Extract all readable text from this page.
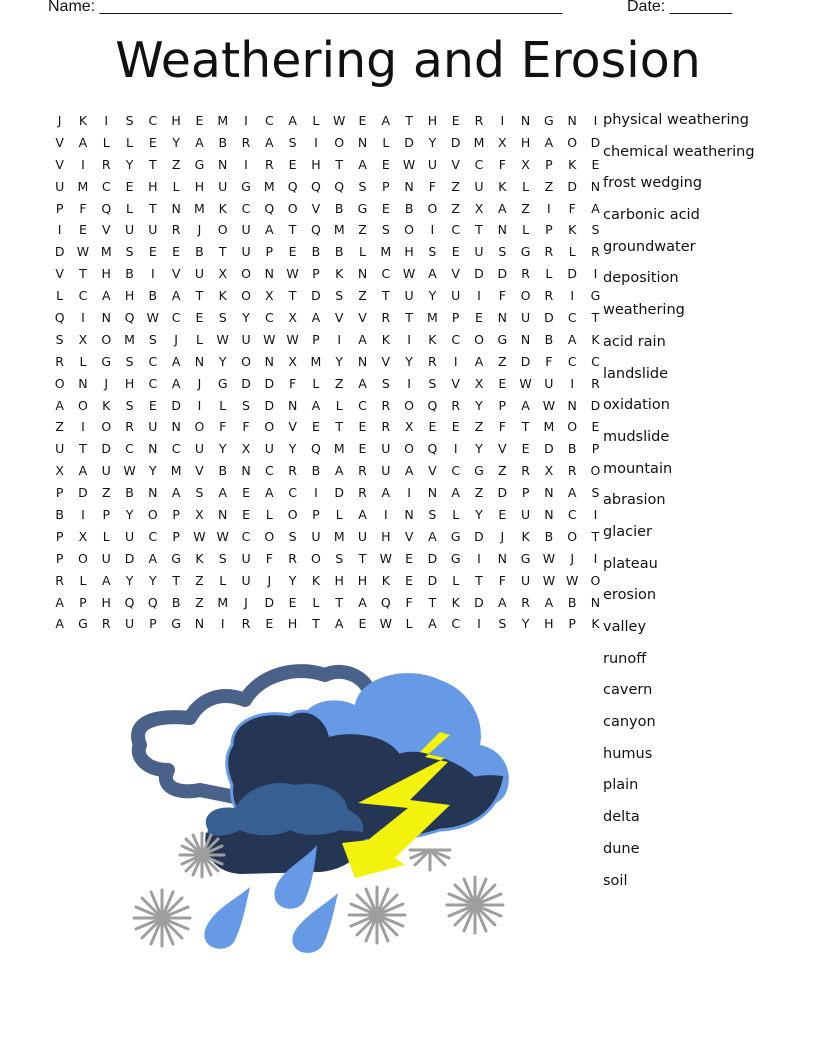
Name: ____________________________________________________	Date: _______
Weathering and Erosion
J	K	I	S	C	H	E	M	I	C	A	L	W	E	A	T	H	E	R	I	N	G	N	I
V	A	L	L	E	Y	A	B	R	A	S	I	O	N	L	D	Y	D	M	X	H	A	O	D
V	I	R	Y	T	Z	G	N	I	R	E	H	T	A	E	W	U	V	C	F	X	P	K	E
U	M	C	E	H	L	H	U	G	M	Q	Q	Q	S	P	N	F	Z	U	K	L	Z	D	N
P	F	Q	L	T	N	M	K	C	Q	O	V	B	G	E	B	O	Z	X	A	Z	I	F	A
I	E	V	U	U	R	J	O	U	A	T	Q	M	Z	S	O	I	C	T	N	L	P	K	S
D W M	S	E	E	B	T	U	P	E	B	B	L	M	H	S	E	U	S	G	R	L	R
V	T	H	B	I	V	U	X	O	N W	P	K	N	C	W	A	V	D	D	R	L	D	I
L	C	A	H	B	A	T	K	O	X	T	D	S	Z	T	U	Y	U	I	F	O	R	I	G
Q	I	N	Q W	C	E	S	Y	C	X	A	V	V	R	T	M	P	E	N	U	D	C	T
S	X	O	M	S	J	L	W	U	W W	P	I	A	K	I	K	C	O	G	N	B	A	K
R	L	G	S	C	A	N	Y	O	N	X	M	Y	N	V	Y	R	I	A	Z	D	F	C	C
O	N	J	H	C	A	J	G	D	D	F	L	Z	A	S	I	S	V	X	E	W	U	I	R
A	O	K	S	E	D	I	L	S	D	N	A	L	C	R	O	Q	R	Y	P	A	W N	D
Z	I	O	R	U	N	O	F	F	O	V	E	T	E	R	X	E	E	Z	F	T	M	O	E
U	T	D	C	N	C	U	Y	X	U	Y	Q	M	E	U	O	Q	I	Y	V	E	D	B	P
X	A	U	W	Y	M	V	B	N	C	R	B	A	R	U	A	V	C	G	Z	R	X	R	O
P	D	Z	B	N	A	S	A	E	A	C	I	D	R	A	I	N	A	Z	D	P	N	A	S
B	I	P	Y	O	P	X	N	E	L	O	P	L	A	I	N	S	L	Y	E	U	N	C	I
P	X	L	U	C	P	W W	C	O	S	U	M	U	H	V	A	G	D	J	K	B	O	T
P	O	U	D	A	G	K	S	U	F	R	O	S	T	W	E	D	G	I	N	G W	J	I
R	L	A	Y	Y	T	Z	L	U	J	Y	K	H	H	K	E	D	L	T	F	U	W W O
A	P	H	Q	Q	B	Z	M	J	D	E	L	T	A	Q	F	T	K	D	A	R	A	B	N
A	G	R	U	P	G	N	I	R	E	H	T	A	E	W	L	A	C	I	S	Y	H	P	K
physical weathering
chemical weathering
frost wedging
carbonic acid
groundwater
deposition
weathering
acid rain
landslide
oxidation
mudslide
mountain
abrasion
glacier
plateau
erosion
valley
runoff
cavern
canyon
humus
plain
delta
dune
soil
